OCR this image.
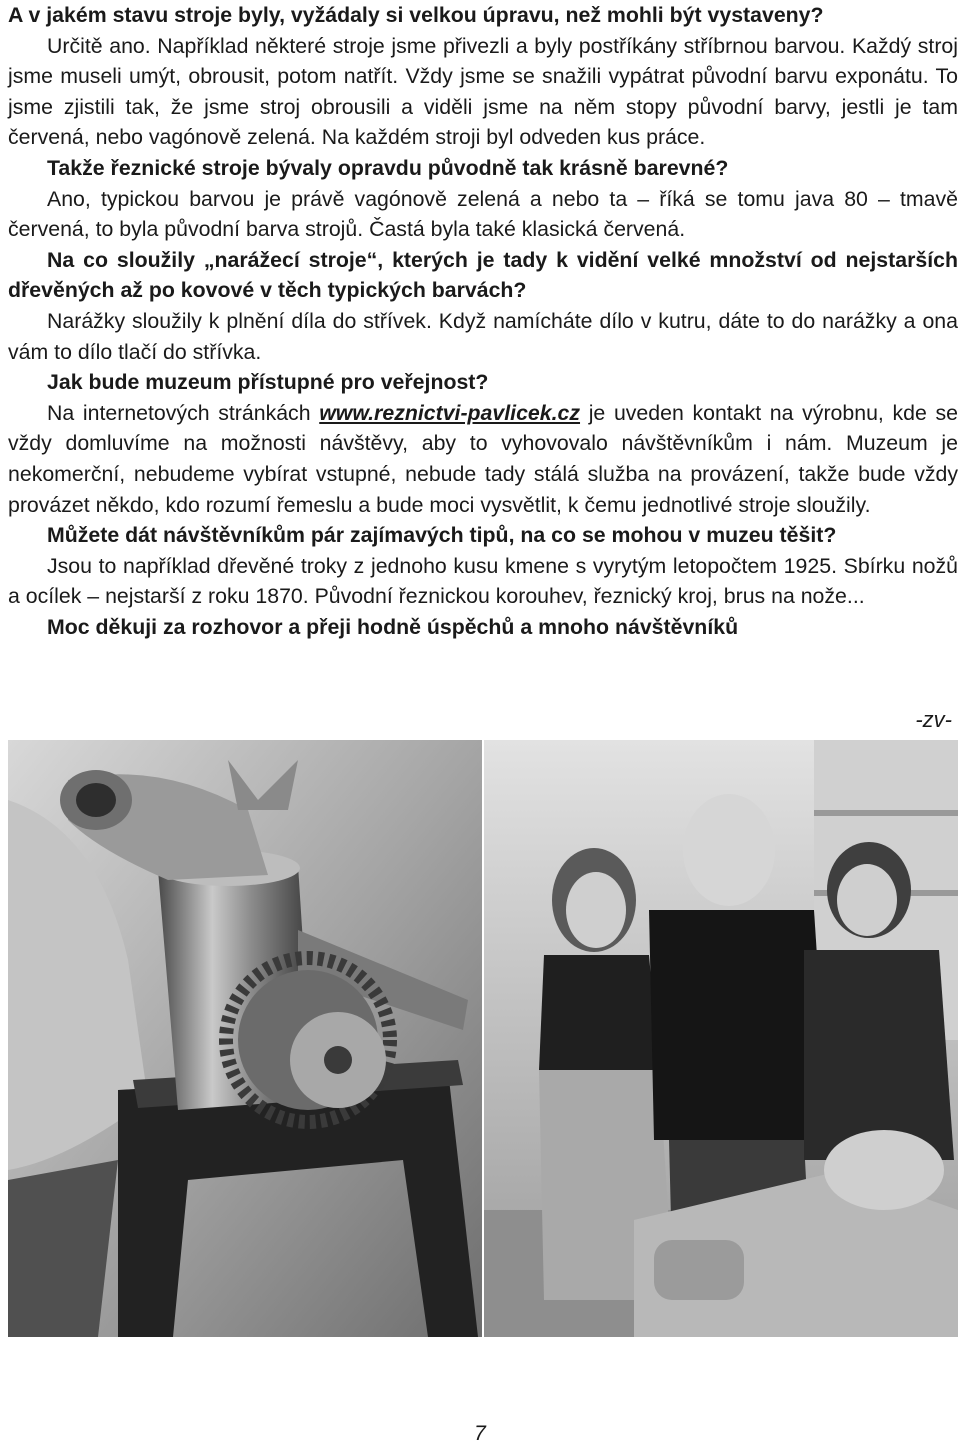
A v jakém stavu stroje byly, vyžádaly si velkou úpravu, než mohli být vystaveny?

Určitě ano. Například některé stroje jsme přivezli a byly postříkány stříbrnou barvou. Každý stroj jsme museli umýt, obrousit, potom natřít. Vždy jsme se snažili vypátrat původní barvu exponátu. To jsme zjistili tak, že jsme stroj obrousili a viděli jsme na něm stopy původní barvy, jestli je tam červená, nebo vagónově zelená. Na každém stroji byl odveden kus práce.

Takže řeznické stroje bývaly opravdu původně tak krásně barevné?

Ano, typickou barvou je právě vagónově zelená a nebo ta – říká se tomu java 80 – tmavě červená, to byla původní barva strojů. Častá byla také klasická červená.

Na co sloužily „narážecí stroje“, kterých je tady k vidění velké množství od nejstarších dřevěných až po kovové v těch typických barvách?

Narážky sloužily k plnění díla do střívek. Když namícháte dílo v kutru, dáte to do narážky a ona vám to dílo tlačí do střívka.

Jak bude muzeum přístupné pro veřejnost?

Na internetových stránkách www.reznictvi-pavlicek.cz je uveden kontakt na výrobnu, kde se vždy domluvíme na možnosti návštěvy, aby to vyhovovalo návštěvníkům i nám. Muzeum je nekomerční, nebudeme vybírat vstupné, nebude tady stálá služba na provázení, takže bude vždy provázet někdo, kdo rozumí řemeslu a bude moci vysvětlit, k čemu jednotlivé stroje sloužily.

Můžete dát návštěvníkům pár zajímavých tipů, na co se mohou v muzeu těšit?

Jsou to například dřevěné troky z jednoho kusu kmene s vyrytým letopočtem 1925. Sbírku nožů a ocílek – nejstarší z roku 1870. Původní řeznickou korouhev, řeznický kroj, brus na nože...

Moc děkuji za rozhovor a přeji hodně úspěchů a mnoho návštěvníků

-zv-
7
